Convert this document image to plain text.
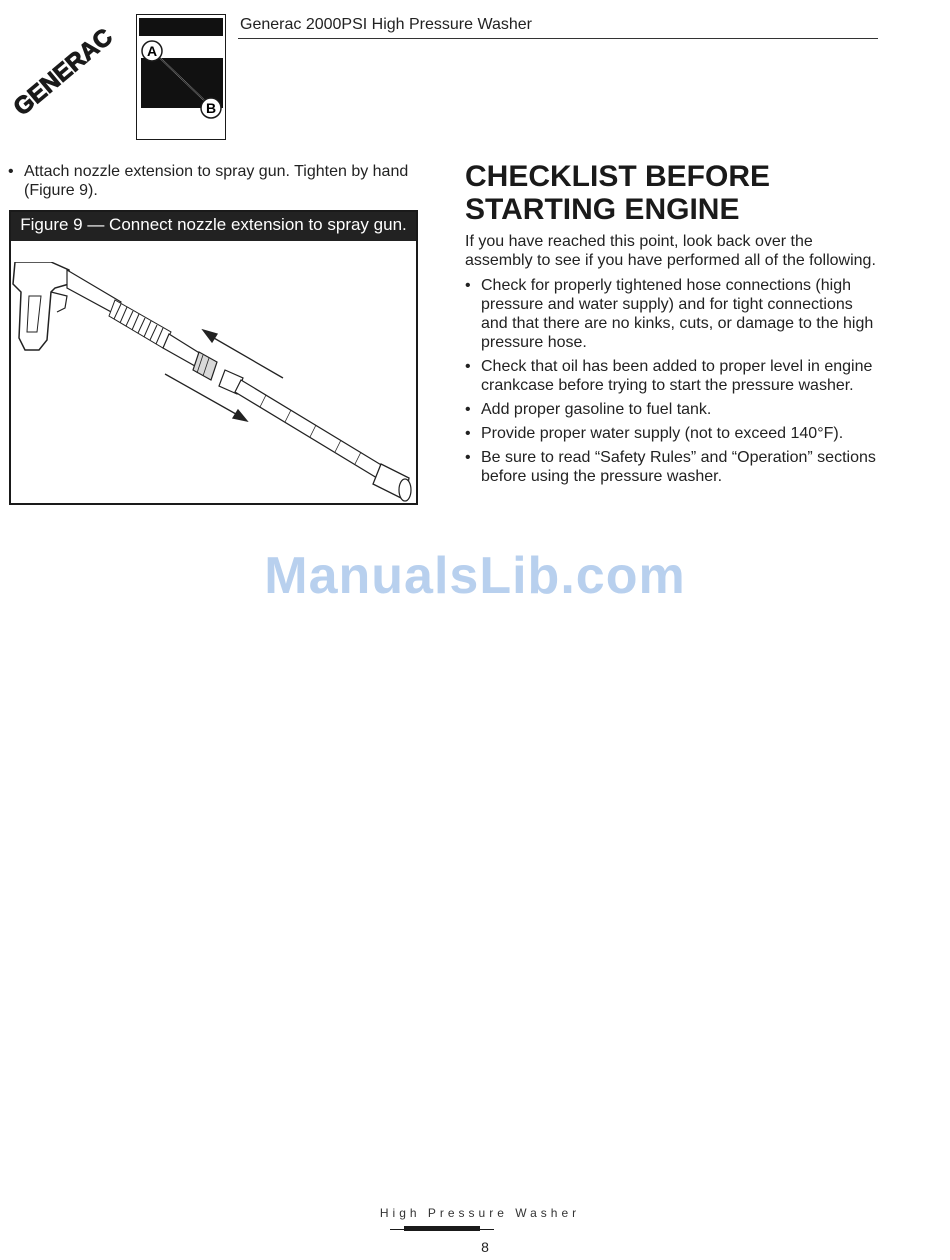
GENERAC A
B
Generac 2000PSI High Pressure Washer
• Attach nozzle extension to spray gun. Tighten by hand (Figure 9).
Figure 9 — Connect nozzle extension to spray gun.
CHECKLIST BEFORE
STARTING ENGINE
If you have reached this point, look back over the assembly to see if you have performed all of the following.
• Check for properly tightened hose connections (high pressure and water supply) and for tight connections and that there are no kinks, cuts, or damage to the high pressure hose.
• Check that oil has been added to proper level in engine crankcase before trying to start the pressure washer.
• Add proper gasoline to fuel tank.
• Provide proper water supply (not to exceed 140°F).
• Be sure to read “Safety Rules” and “Operation” sections before using the pressure washer.
ManualsLib.com
High Pressure Washer
8
